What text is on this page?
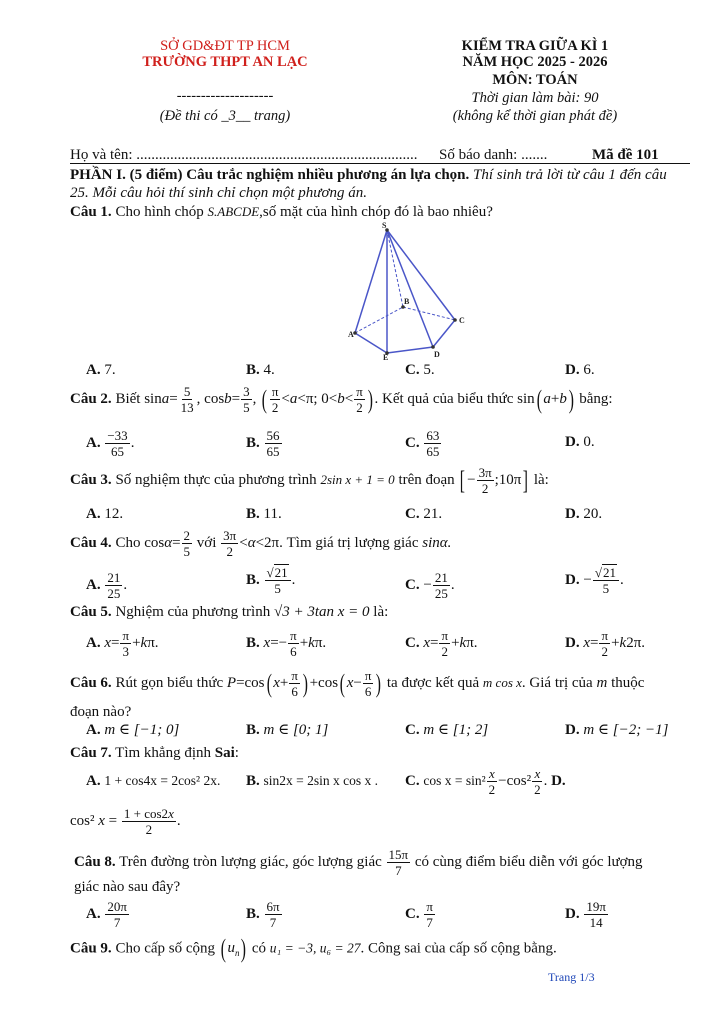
SỞ GD&ĐT TP HCM
TRƯỜNG THPT AN LẠC
--------------------
(Đề thi có _3__ trang)
KIỂM TRA GIỮA KÌ 1
NĂM HỌC 2025 - 2026
MÔN: TOÁN
Thời gian làm bài: 90
(không kể thời gian phát đề)
Họ và tên: ........................................................................... Số báo danh: .......	Mã đề 101
PHẦN I. (5 điểm) Câu trắc nghiệm nhiều phương án lựa chọn. Thí sinh trả lời từ câu 1 đến câu
25. Mỗi câu hỏi thí sinh chỉ chọn một phương án.
Câu 1. Cho hình chóp S.ABCDE,số mặt của hình chóp đó là bao nhiêu?
S
A
B
C
D
E
A. 7.	B. 4.	C. 5.	D. 6.
Câu 2. Biết $\sin a= \frac{5}{13}$ , $\cos b= \frac{3}{5}$ , ( $\frac{\pi}{2} <a<\pi$; $0<b< \frac{\pi}{2}$ ) . Kết quả của biểu thức sin( a+b) bằng:
A. $\frac{-33}{65}$ .	B. $\frac{56}{65}$	C. $\frac{63}{65}$	D. 0.
Câu 3. Số nghiệm thực của phương trình 2sin x + 1 = 0 trên đoạn [ − $\frac{3\pi}{2}$ ;10π] là:
A. 12.	B. 11.	C. 21.	D. 20.
Câu 4. Cho $\cos\alpha= \frac{2}{5}$ với $\frac{3\pi}{2} <\alpha<2\pi$. Tìm giá trị lượng giác sinα.
A. $\frac{21}{25}$ .	B. $\frac{√21}{5}$ .	C. − $\frac{21}{25}$ .	D. − $\frac{√21}{5}$ .
Câu 5. Nghiệm của phương trình √3 + 3tan x = 0 là:
A. $x= \frac{\pi}{3} +k\pi$.	B. $x=- \frac{\pi}{6} +k\pi$.	C. $x= \frac{\pi}{2} +k\pi$.	D. $x= \frac{\pi}{2} +k2\pi$.
Câu 6. Rút gọn biểu thức P=cos( $x+ \frac{\pi}{6}$ ) +cos( $x- \frac{\pi}{6}$ ) ta được kết quả m cos x. Giá trị của m thuộc
đoạn nào?
A. m ∈ [−1; 0]	B. m ∈ [0; 1]	C. m ∈ [1; 2]	D. m ∈ [−2; −1]
Câu 7. Tìm khẳng định Sai:
A. 1 + cos4x = 2cos² 2x. B. sin2x = 2sin x cos x . C. $\cos x = \sin^2 \frac{x}{2} -\cos^2 \frac{x}{2}$ . D.
cos² $x = \frac{1 + \cos 2x}{2}$ .
Câu 8. Trên đường tròn lượng giác, góc lượng giác $\frac{15\pi}{7}$ có cùng điểm biểu diễn với góc lượng
giác nào sau đây?
A. $\frac{20\pi}{7}$	B. $\frac{6\pi}{7}$	C. $\frac{\pi}{7}$	D. $\frac{19\pi}{14}$
Câu 9. Cho cấp số cộng ( $u_n$) có u₁ = −3, u₆ = 27. Công sai của cấp số cộng bằng.
Trang 1/3
